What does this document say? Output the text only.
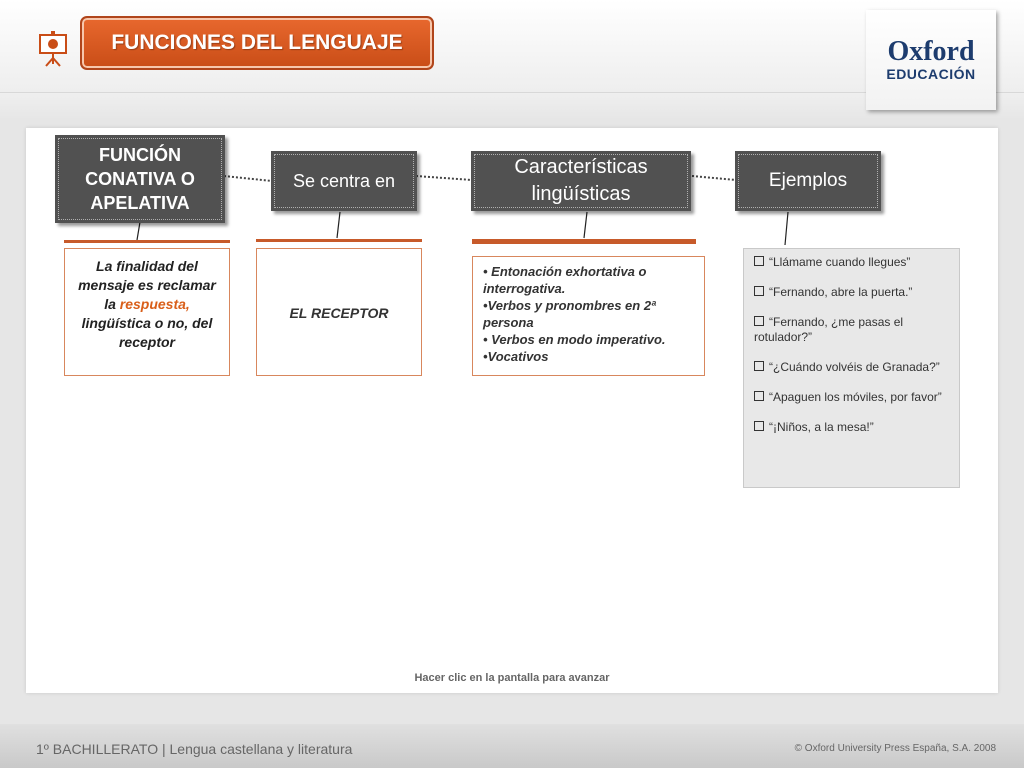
FUNCIONES DEL LENGUAJE	Oxford
EDUCACIÓN
FUNCIÓN CONATIVA O APELATIVA
Se centra en
Características lingüísticas
Ejemplos
La finalidad del mensaje es reclamar la respuesta, lingüística o no, del receptor
EL RECEPTOR
• Entonación exhortativa o interrogativa.
•Verbos y pronombres en 2ª persona
• Verbos en modo imperativo.
•Vocativos
“Llámame cuando llegues”
“Fernando, abre la puerta.”
“Fernando, ¿me pasas el rotulador?”
“¿Cuándo volvéis de Granada?”
“Apaguen los móviles, por favor”
“¡Niños, a la mesa!”
Hacer clic en la pantalla para avanzar
1º BACHILLERATO | Lengua castellana y literatura	© Oxford University Press España, S.A. 2008
